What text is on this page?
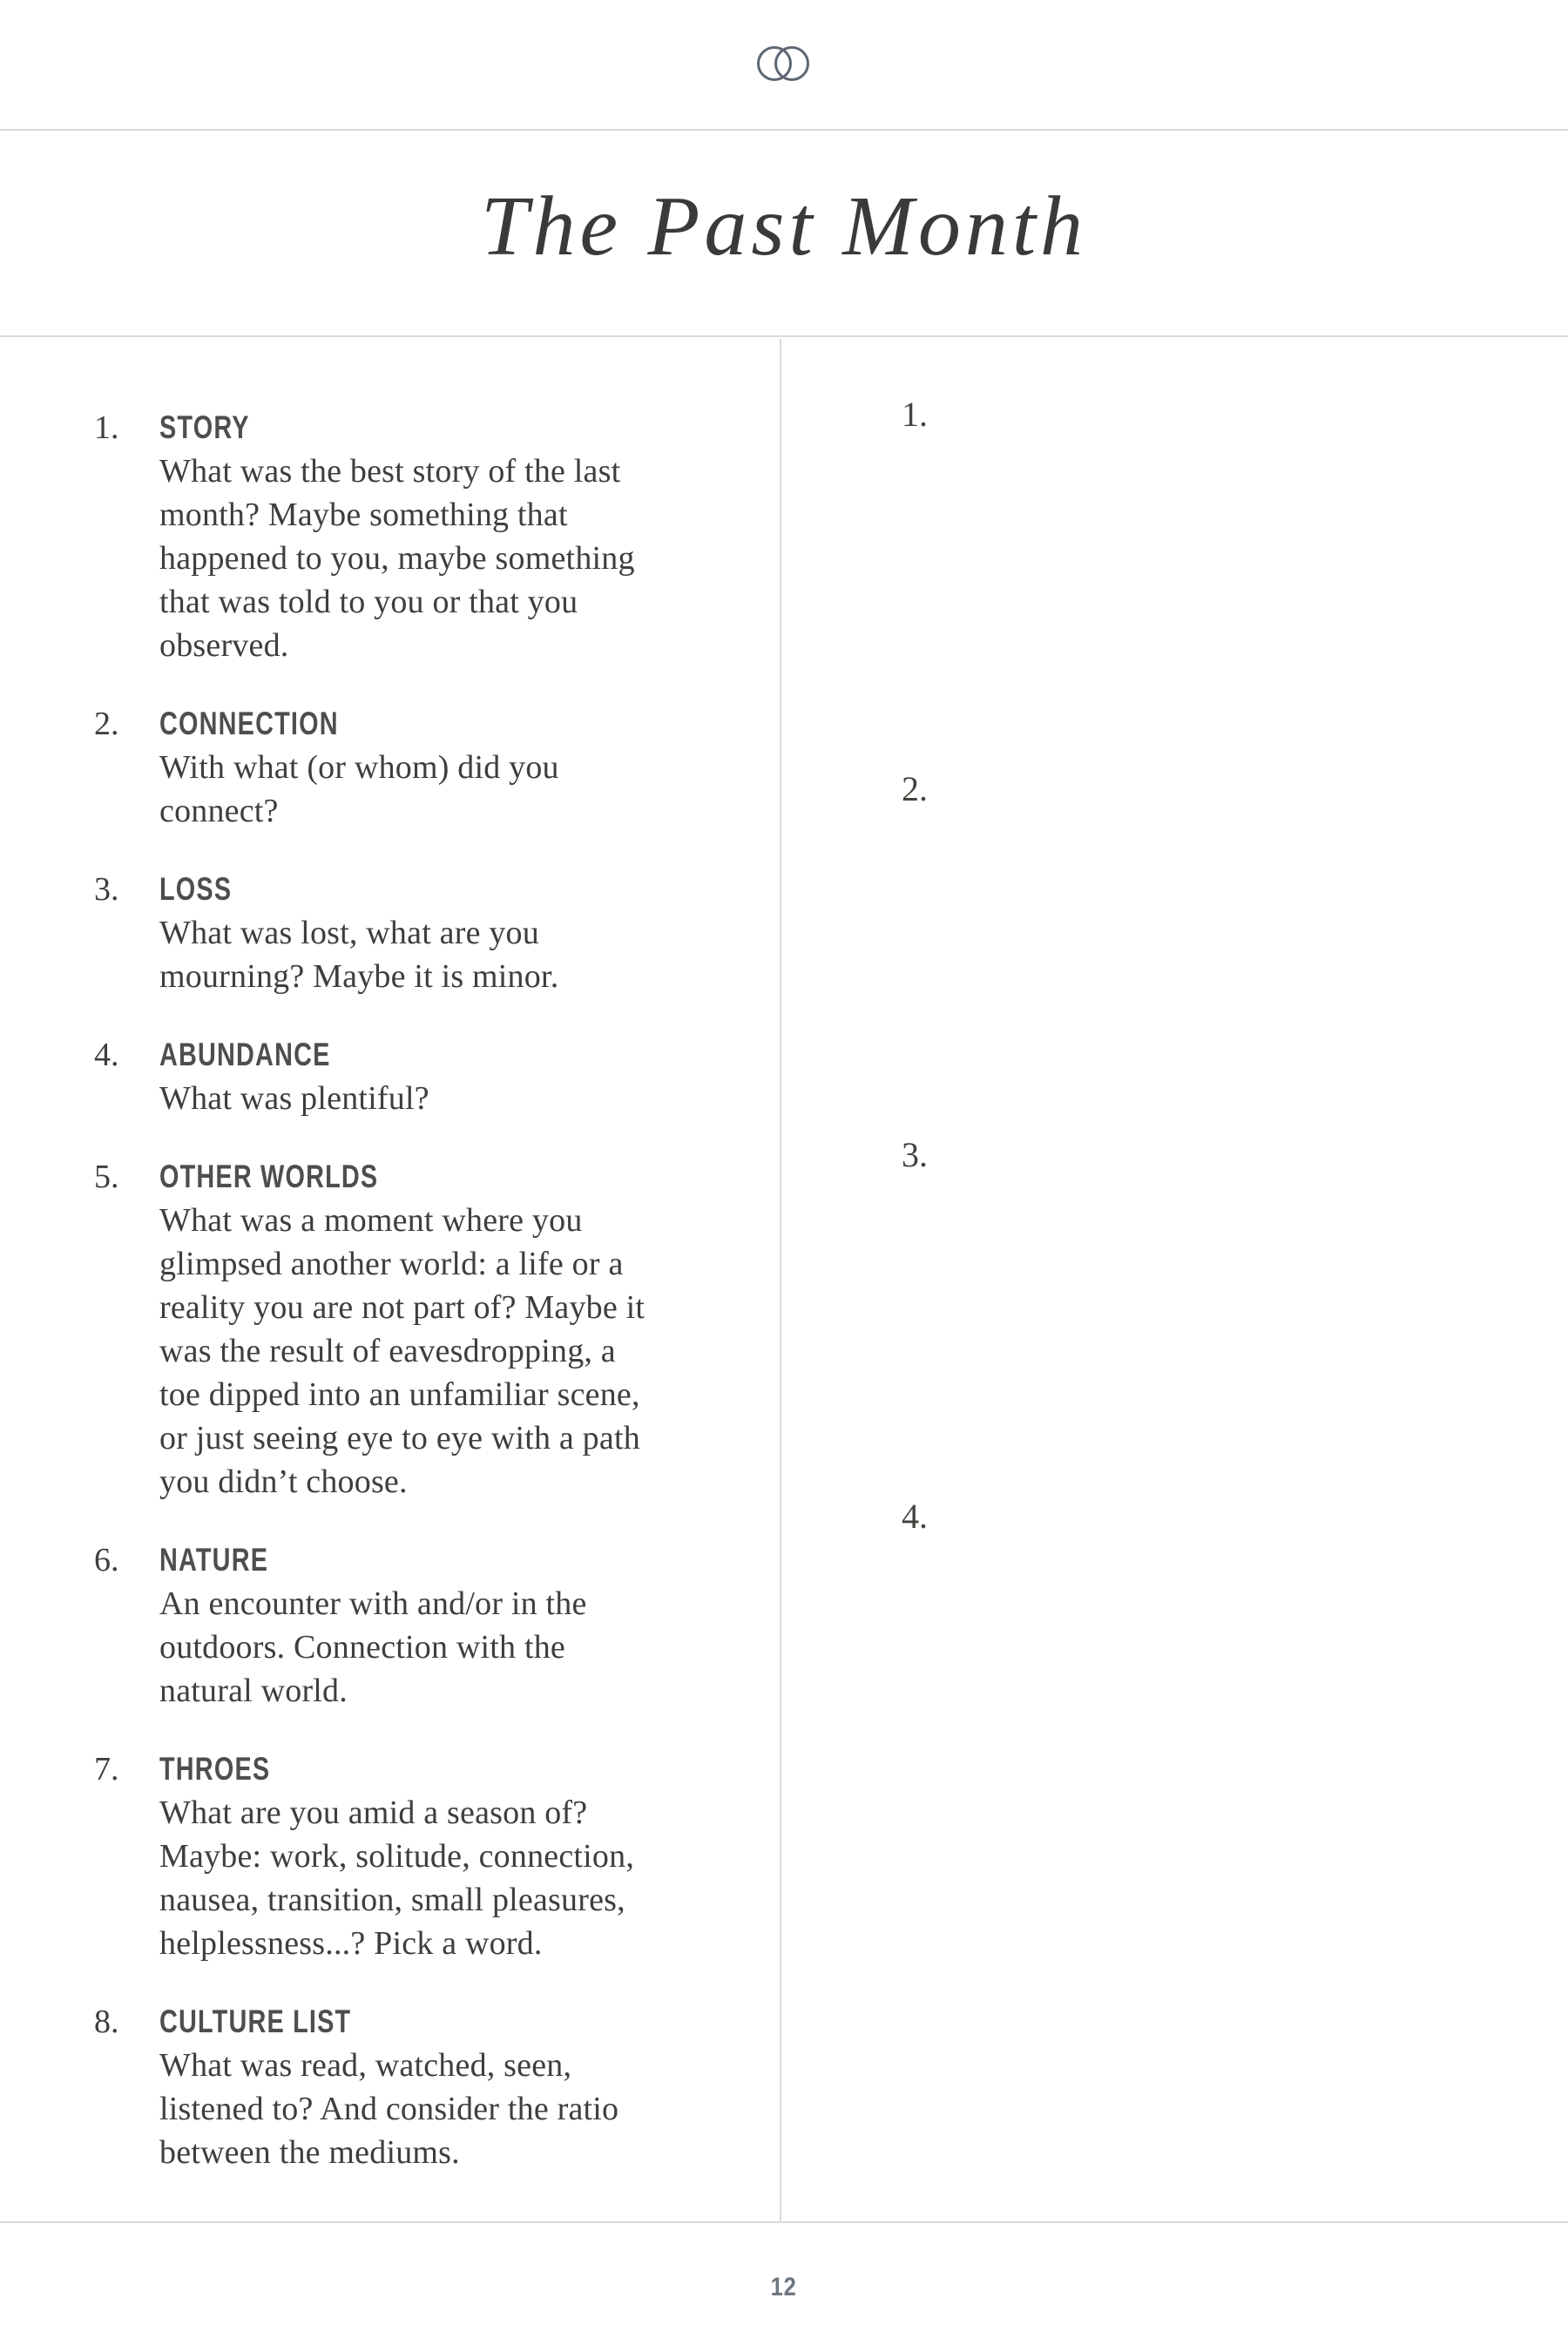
The Past Month
1.	STORY
What was the best story of the last month? Maybe something that happened to you, maybe something that was told to you or that you observed.
2.	CONNECTION
With what (or whom) did you connect?
3.	LOSS
What was lost, what are you mourning? Maybe it is minor.
4.	ABUNDANCE
What was plentiful?
5.	OTHER WORLDS
What was a moment where you glimpsed another world: a life or a reality you are not part of? Maybe it was the result of eavesdropping, a toe dipped into an unfamiliar scene, or just seeing eye to eye with a path you didn’t choose.
6.	NATURE
An encounter with and/or in the outdoors. Connection with the natural world.
7.	THROES
What are you amid a season of? Maybe: work, solitude, connection, nausea, transition, small pleasures, helplessness...? Pick a word.
8.	CULTURE LIST
What was read, watched, seen, listened to? And consider the ratio between the mediums.
1.
2.
3.
4.
12
